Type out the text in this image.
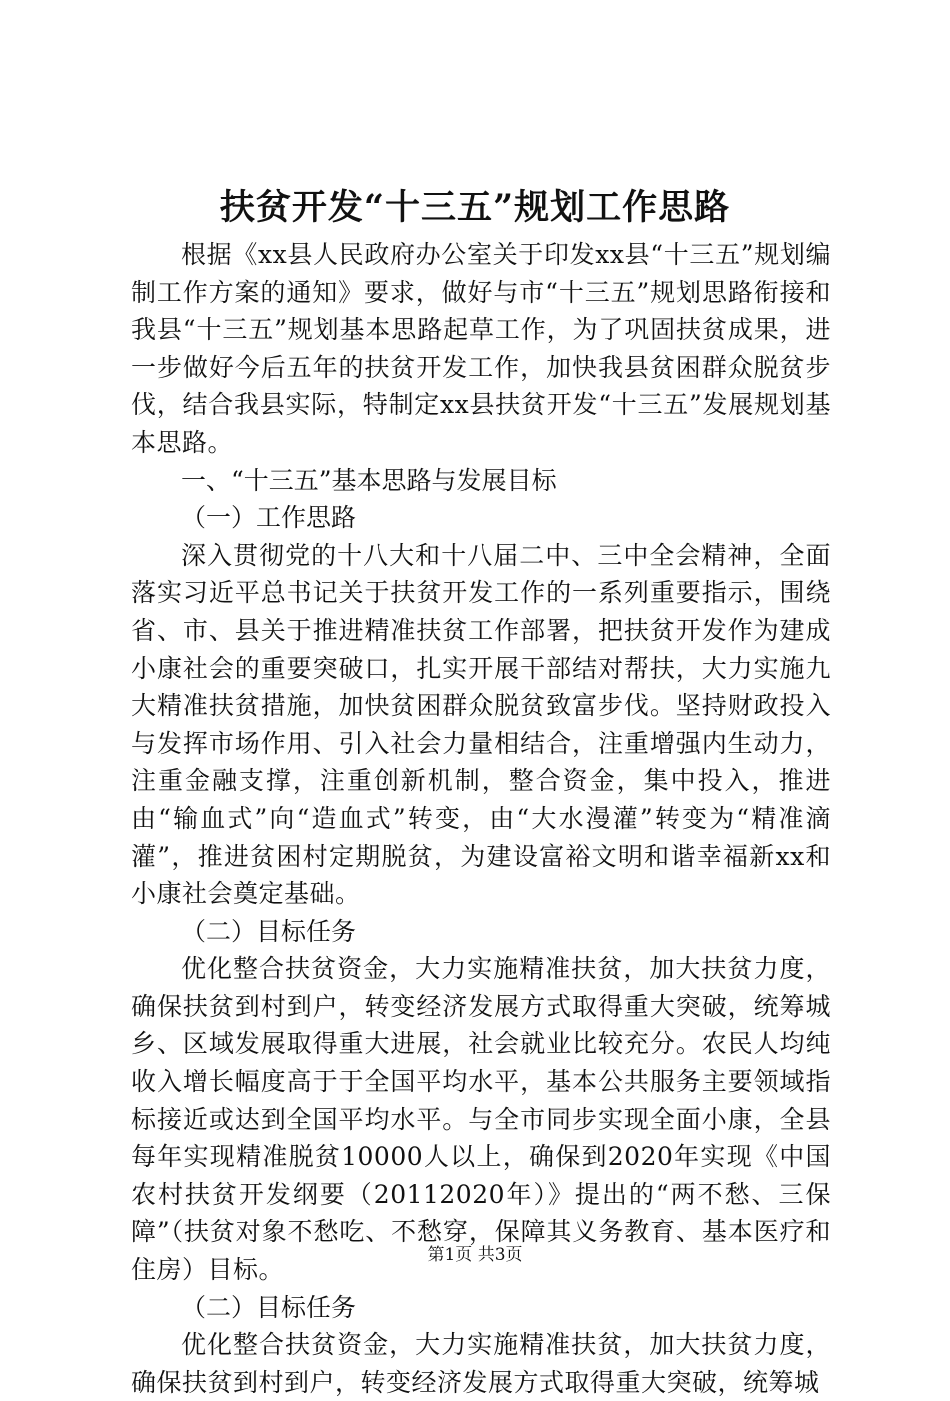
扶贫开发“十三五”规划工作思路

根据《xx县人民政府办公室关于印发xx县“十三五”规划编制工作方案的通知》要求，做好与市“十三五”规划思路衔接和我县“十三五”规划基本思路起草工作，为了巩固扶贫成果，进一步做好今后五年的扶贫开发工作，加快我县贫困群众脱贫步伐，结合我县实际，特制定xx县扶贫开发“十三五”发展规划基本思路。

一、“十三五”基本思路与发展目标

（一）工作思路

深入贯彻党的十八大和十八届二中、三中全会精神，全面落实习近平总书记关于扶贫开发工作的一系列重要指示，围绕省、市、县关于推进精准扶贫工作部署，把扶贫开发作为建成小康社会的重要突破口，扎实开展干部结对帮扶，大力实施九大精准扶贫措施，加快贫困群众脱贫致富步伐。坚持财政投入与发挥市场作用、引入社会力量相结合，注重增强内生动力，注重金融支撑，注重创新机制，整合资金，集中投入，推进由“输血式”向“造血式”转变，由“大水漫灌”转变为“精准滴灌”，推进贫困村定期脱贫，为建设富裕文明和谐幸福新xx和小康社会奠定基础。

（二）目标任务

优化整合扶贫资金，大力实施精准扶贫，加大扶贫力度，确保扶贫到村到户，转变经济发展方式取得重大突破，统筹城乡、区域发展取得重大进展，社会就业比较充分。农民人均纯收入增长幅度高于于全国平均水平，基本公共服务主要领域指标接近或达到全国平均水平。与全市同步实现全面小康，全县每年实现精准脱贫10000人以上，确保到2020年实现《中国农村扶贫开发纲要（20112020年）》提出的“两不愁、三保障”（扶贫对象不愁吃、不愁穿，保障其义务教育、基本医疗和住房）目标。

（二）目标任务

优化整合扶贫资金，大力实施精准扶贫，加大扶贫力度，确保扶贫到村到户，转变经济发展方式取得重大突破，统筹城

第1页 共3页
